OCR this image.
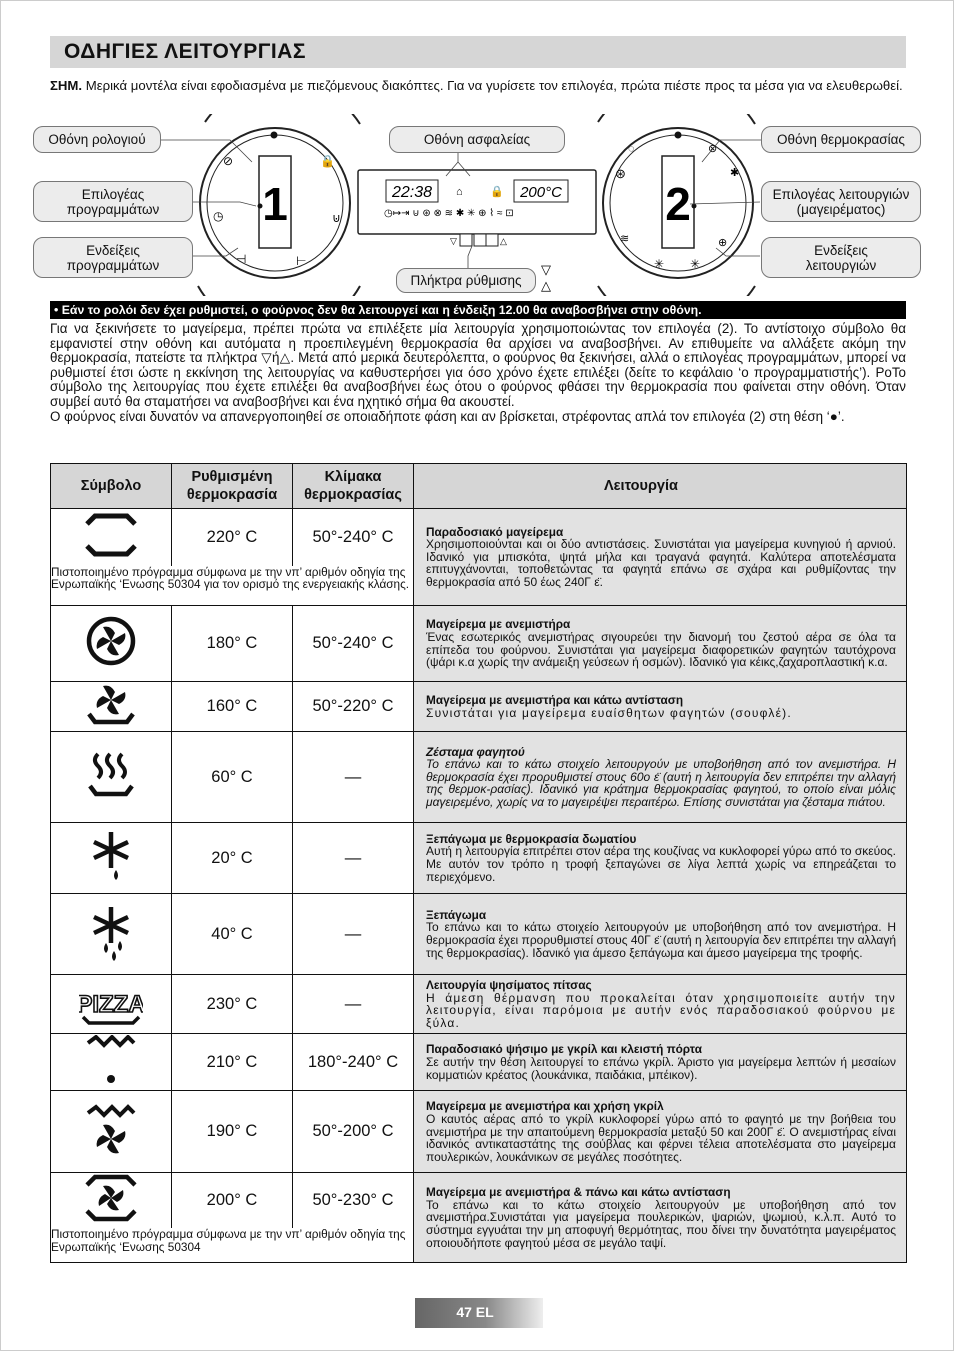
ΟΔΗΓΙΕΣ ΛΕΙΤΟΥΡΓΙΑΣ
ΣΗΜ. Μερικά μοντέλα είναι εφοδιασμένα με πιεζόμενους διακόπτες. Για να γυρίσετε τον επιλογέα, πρώτα πιέστε προς τα μέσα για να ελευθερωθεί.
1
⊘	🔒
◷	⊍
⊣	⊢
2
⊛
◌	⊗
✱
≋	⊕
✳ ✳
22:38 ⌂ 🔒 200°C
◷↦⇥ ⊍ ⊛ ⊗ ≋ ✱ ✳ ⊕ ⌇ ≈ ⊡
▽	△
▽
△
Οθόνη ρολογιού	Οθόνη ασφαλείας	Οθόνη θερμοκρασίας
Επιλογέας προγραμμάτων
Επιλογέας λειτουργιών (μαγειρέματος)
Ενδείξεις προγραμμάτων
Ενδείξεις λειτουργιών
Πλήκτρα ρύθμισης
• Εάν το ρολόι δεν έχει ρυθμιστεί, ο φούρνος δεν θα λειτουργεί και η ένδειξη 12.00 θα αναβοσβήνει στην οθόνη.

Για να ξεκινήσετε το μαγείρεμα, πρέπει πρώτα να επιλέξετε μία λειτουργία χρησιμοποιώντας τον επιλογέα (2). Το αντίστοιχο σύμβολο θα εμφανιστεί στην οθόνη και αυτόματα η προεπιλεγμένη θερμοκρασία θα αρχίσει να αναβοσβήνει. Αν επιθυμείτε να αλλάξετε ακόμη την θερμοκρασία, πατείστε τα πλήκτρα ▽ή△. Μετά από μερικά δευτερόλεπτα, ο φούρνος θα ξεκινήσει, αλλά ο επιλογέας προγραμμάτων, μπορεί να ρυθμιστεί έτσι ώστε η εκκίνηση της λειτουργίας να καθυστερήσει για όσο χρόνο έχετε επιλέξει (δείτε το κεφάλαιο ‘ο προγραμματιστής’). ΡοΤο σύμβολο της λειτουργίας που έχετε επιλέξει θα αναβοσβήνει έως ότου ο φούρνος φθάσει την θερμοκρασία που φαίνεται στην οθόνη. Όταν συμβεί αυτό θα σταματήσει να αναβοσβήνει και ένα ηχητικό σήμα θα ακουστεί.

Ο φούρνος είναι δυνατόν να απανεργοποιηθεί σε οποιαδήποτε φάση και αν βρίσκεται, στρέφοντας απλά τον επιλογέα (2) στη θέση ‘●’.

Σύμβολο	Ρυθμισμένη θερμοκρασία	Κλίμακα θερμοκρασίας	Λειτουργία
	220° C	50°-240° C	Παραδοσιακό μαγείρεμα
Χρησιμοποιούνται και οι δύο αντιστάσεις. Συνιστάται για μαγείρεμα κυνηγιού ή αρνιού. Ιδανικό για μπισκότα, ψητά μήλα και τραγανά φαγητά. Καλύτερα αποτελέσματα επιτυγχάνονται, τοποθετώντας τα φαγητά επάνω σε σχάρα και ρυθμίζοντας την θερμοκρασία από 50 έως 240Γ ε̈.

Πιστοποιημένο πρόγραμμα σύμφωνα με την νπ’ αριθμόν οδηγία της Ενρωπαϊκής ‘Ενωσης 50304 για τον ορισμό της ενεργειακής κλάσης.			
	180° C	50°-240° C	Μαγείρεμα με ανεμιστήρα
Ένας εσωτερικός ανεμιστήρας σιγουρεύει την διανομή του ζεστού αέρα σε όλα τα επίπεδα του φούρνου. Συνιστάται για μαγείρεμα διαφορετικών φαγητών ταυτόχρονα (ψάρι κ.α χωρίς την ανάμειξη γεύσεων ή οσμών). Ιδανικό για κέικς,ζαχαροπλαστική κ.α.

	160° C	50°-220° C	Μαγείρεμα με ανεμιστήρα και κάτω αντίσταση
Συνιστάται για μαγείρεμα ευαίσθητων φαγητών (σουφλέ).

	60° C	—	Ζέσταμα φαγητού
Το επάνω και το κάτω στοιχείο λειτουργούν με υποβοήθηση από τον ανεμιστήρα. Η θερμοκρασία έχει προρυθμιστεί στους 60ο ε̈ (αυτή η λειτουργία δεν επιτρέπει την αλλαγή της θερμοκ-ρασίας). Ιδανικό για κράτημα θερμοκρασίας φαγητού, το οποίο είναι μόλις μαγειρεμένο, χωρίς να το μαγειρέψει περαιτέρω. Επίσης συνιστάται για ζέσταμα πιάτου.

	20° C	—	Ξεπάγωμα με θερμοκρασία δωματίου
Αυτή η λειτουργία επιτρέπει στον αέρα της κουζίνας να κυκλοφορεί γύρω από το σκεύος. Με αυτόν τον τρόπο η τροφή ξεπαγώνει σε λίγα λεπτά χωρίς να επηρεάζεται το περιεχόμενο.

	40° C	—	Ξεπάγωμα
Το επάνω και το κάτω στοιχείο λειτουργούν με υποβοήθηση από τον ανεμιστήρα. Η θερμοκρασία έχει προρυθμιστεί στους 40Γ ε̈ (αυτή η λειτουργία δεν επιτρέπει την αλλαγή της θερμοκρασίας). Ιδανικό για άμεσο ξεπάγωμα και άμεσο μαγείρεμα της τροφής.

PIZZA	230° C	—	Λειτουργία ψησίματος πίτσας
Η άμεση θέρμανση που προκαλείται όταν χρησιμοποιείτε αυτήν την λειτουργία, είναι παρόμοια με αυτήν ενός παραδοσιακού φούρνου με ξύλα.

	210° C	180°-240° C	Παραδοσιακό ψήσιμο με γκρίλ και κλειστή πόρτα
Σε αυτήν την θέση λειτουργεί το επάνω γκρίλ. Άριστο για μαγείρεμα λεπτών ή μεσαίων κομματιών κρέατος (λουκάνικα, παιδάκια, μπέικον).

	190° C	50°-200° C	Μαγείρεμα με ανεμιστήρα και χρήση γκρίλ
Ο καυτός αέρας από το γκρίλ κυκλοφορεί γύρω από το φαγητό με την βοήθεια του ανεμιστήρα με την απαιτούμενη θερμοκρασία μεταξύ 50 και 200Γ ε̈. Ο ανεμιστήρας είναι ιδανικός αντικαταστάτης της σούβλας και φέρνει τέλεια αποτελέσματα στο μαγείρεμα πουλερικών, λουκάνικων σε μεγάλες ποσότητες.

	200° C	50°-230° C	Μαγείρεμα με ανεμιστήρα & πάνω και κάτω αντίσταση
Το επάνω και το κάτω στοιχείο λειτουργούν με υποβοήθηση από τον ανεμιστήρα.Συνιστάται για μαγείρεμα πουλερικών, ψαριών, ψωμιού, κ.λ.π. Αυτό το σύστημα εγγυάται την μη απoφυγή θερμότητας, που δίνει την δυνατότητα μαγειρέματος οποιουδήποτε φαγητού μέσα σε μεγάλο ταψί.

Πιστοποιημένο πρόγραμμα σύμφωνα με την νπ’ αριθμόν οδηγία της Ενρωπαϊκής ‘Ενωσης 50304			
47 EL
